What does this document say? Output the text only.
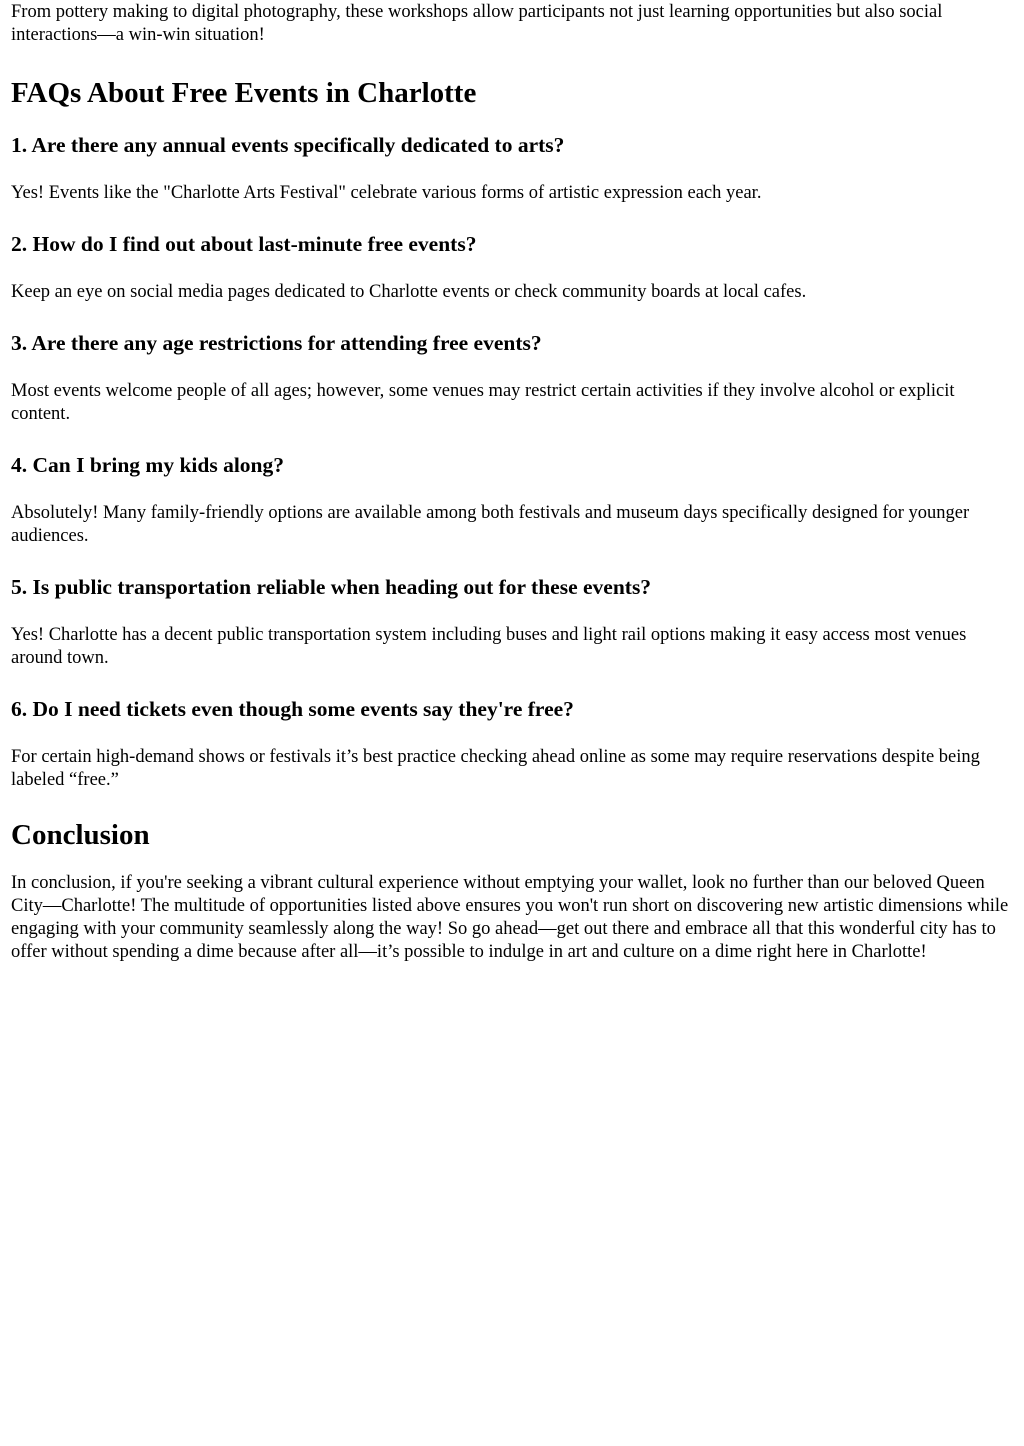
From pottery making to digital photography, these workshops allow participants not just learning opportunities but also social interactions—a win-win situation!

FAQs About Free Events in Charlotte
1. Are there any annual events specifically dedicated to arts?

Yes! Events like the "Charlotte Arts Festival" celebrate various forms of artistic expression each year.

2. How do I find out about last-minute free events?

Keep an eye on social media pages dedicated to Charlotte events or check community boards at local cafes.

3. Are there any age restrictions for attending free events?

Most events welcome people of all ages; however, some venues may restrict certain activities if they involve alcohol or explicit content.

4. Can I bring my kids along?

Absolutely! Many family-friendly options are available among both festivals and museum days specifically designed for younger audiences.

5. Is public transportation reliable when heading out for these events?

Yes! Charlotte has a decent public transportation system including buses and light rail options making it easy access most venues around town.

6. Do I need tickets even though some events say they're free?

For certain high-demand shows or festivals it’s best practice checking ahead online as some may require reservations despite being labeled “free.”

Conclusion

In conclusion, if you're seeking a vibrant cultural experience without emptying your wallet, look no further than our beloved Queen City—Charlotte! The multitude of opportunities listed above ensures you won't run short on discovering new artistic dimensions while engaging with your community seamlessly along the way! So go ahead—get out there and embrace all that this wonderful city has to offer without spending a dime because after all—it’s possible to indulge in art and culture on a dime right here in Charlotte!
